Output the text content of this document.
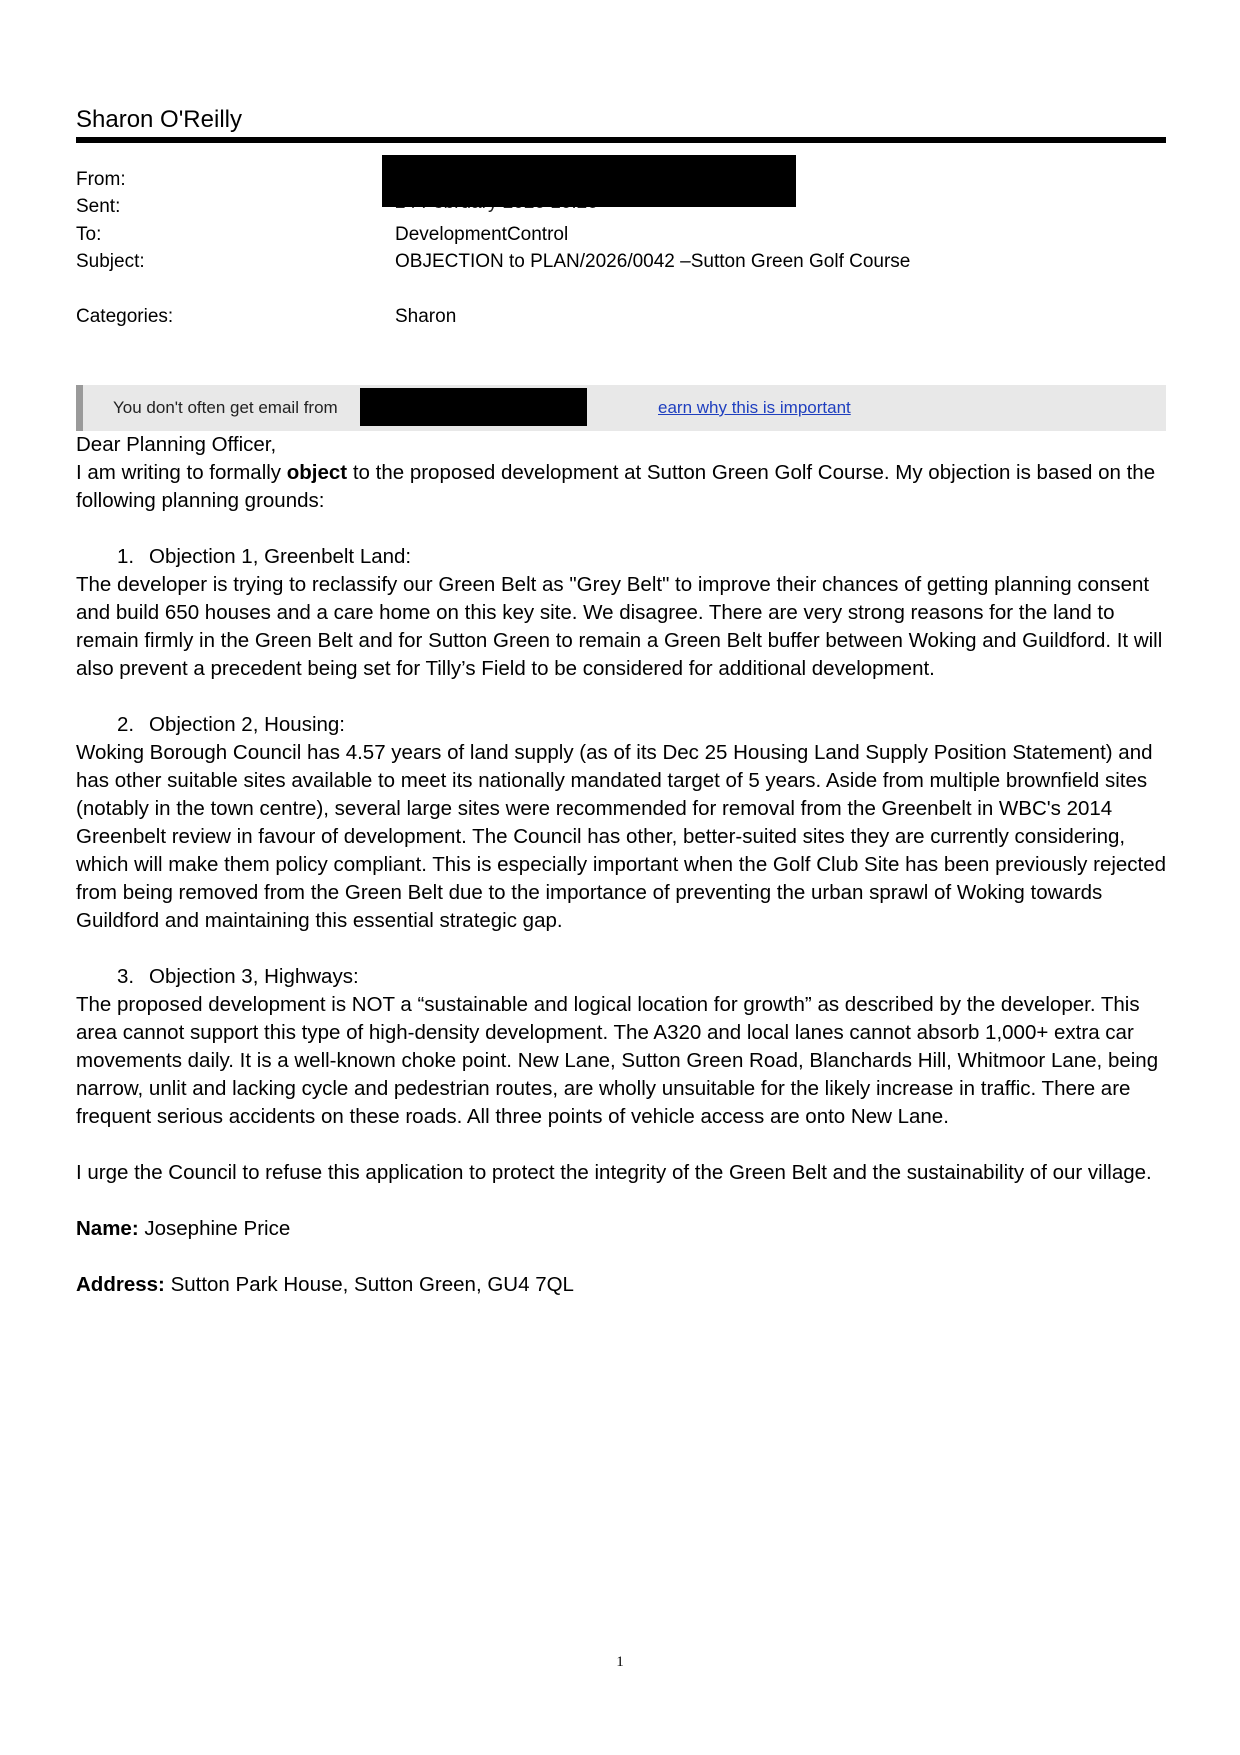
Sharon O'Reilly
From:
Sent:
To:	DevelopmentControl
Subject:	OBJECTION to PLAN/2026/0042 –Sutton Green Golf Course
Categories:	Sharon
You don't often get email from	earn why this is important

Dear Planning Officer,

I am writing to formally object to the proposed development at Sutton Green Golf Course. My objection is based on the following planning grounds:

1. Objection 1, Greenbelt Land:

The developer is trying to reclassify our Green Belt as "Grey Belt" to improve their chances of getting planning consent and build 650 houses and a care home on this key site. We disagree. There are very strong reasons for the land to remain firmly in the Green Belt and for Sutton Green to remain a Green Belt buffer between Woking and Guildford. It will also prevent a precedent being set for Tilly’s Field to be considered for additional development.

2. Objection 2, Housing:

Woking Borough Council has 4.57 years of land supply (as of its Dec 25 Housing Land Supply Position Statement) and has other suitable sites available to meet its nationally mandated target of 5 years. Aside from multiple brownfield sites (notably in the town centre), several large sites were recommended for removal from the Greenbelt in WBC's 2014 Greenbelt review in favour of development. The Council has other, better-suited sites they are currently considering, which will make them policy compliant. This is especially important when the Golf Club Site has been previously rejected from being removed from the Green Belt due to the importance of preventing the urban sprawl of Woking towards Guildford and maintaining this essential strategic gap.

3. Objection 3, Highways:

The proposed development is NOT a “sustainable and logical location for growth” as described by the developer. This area cannot support this type of high-density development. The A320 and local lanes cannot absorb 1,000+ extra car movements daily. It is a well-known choke point. New Lane, Sutton Green Road, Blanchards Hill, Whitmoor Lane, being narrow, unlit and lacking cycle and pedestrian routes, are wholly unsuitable for the likely increase in traffic. There are frequent serious accidents on these roads. All three points of vehicle access are onto New Lane.

I urge the Council to refuse this application to protect the integrity of the Green Belt and the sustainability of our village.

Name: Josephine Price

Address: Sutton Park House, Sutton Green, GU4 7QL

1
